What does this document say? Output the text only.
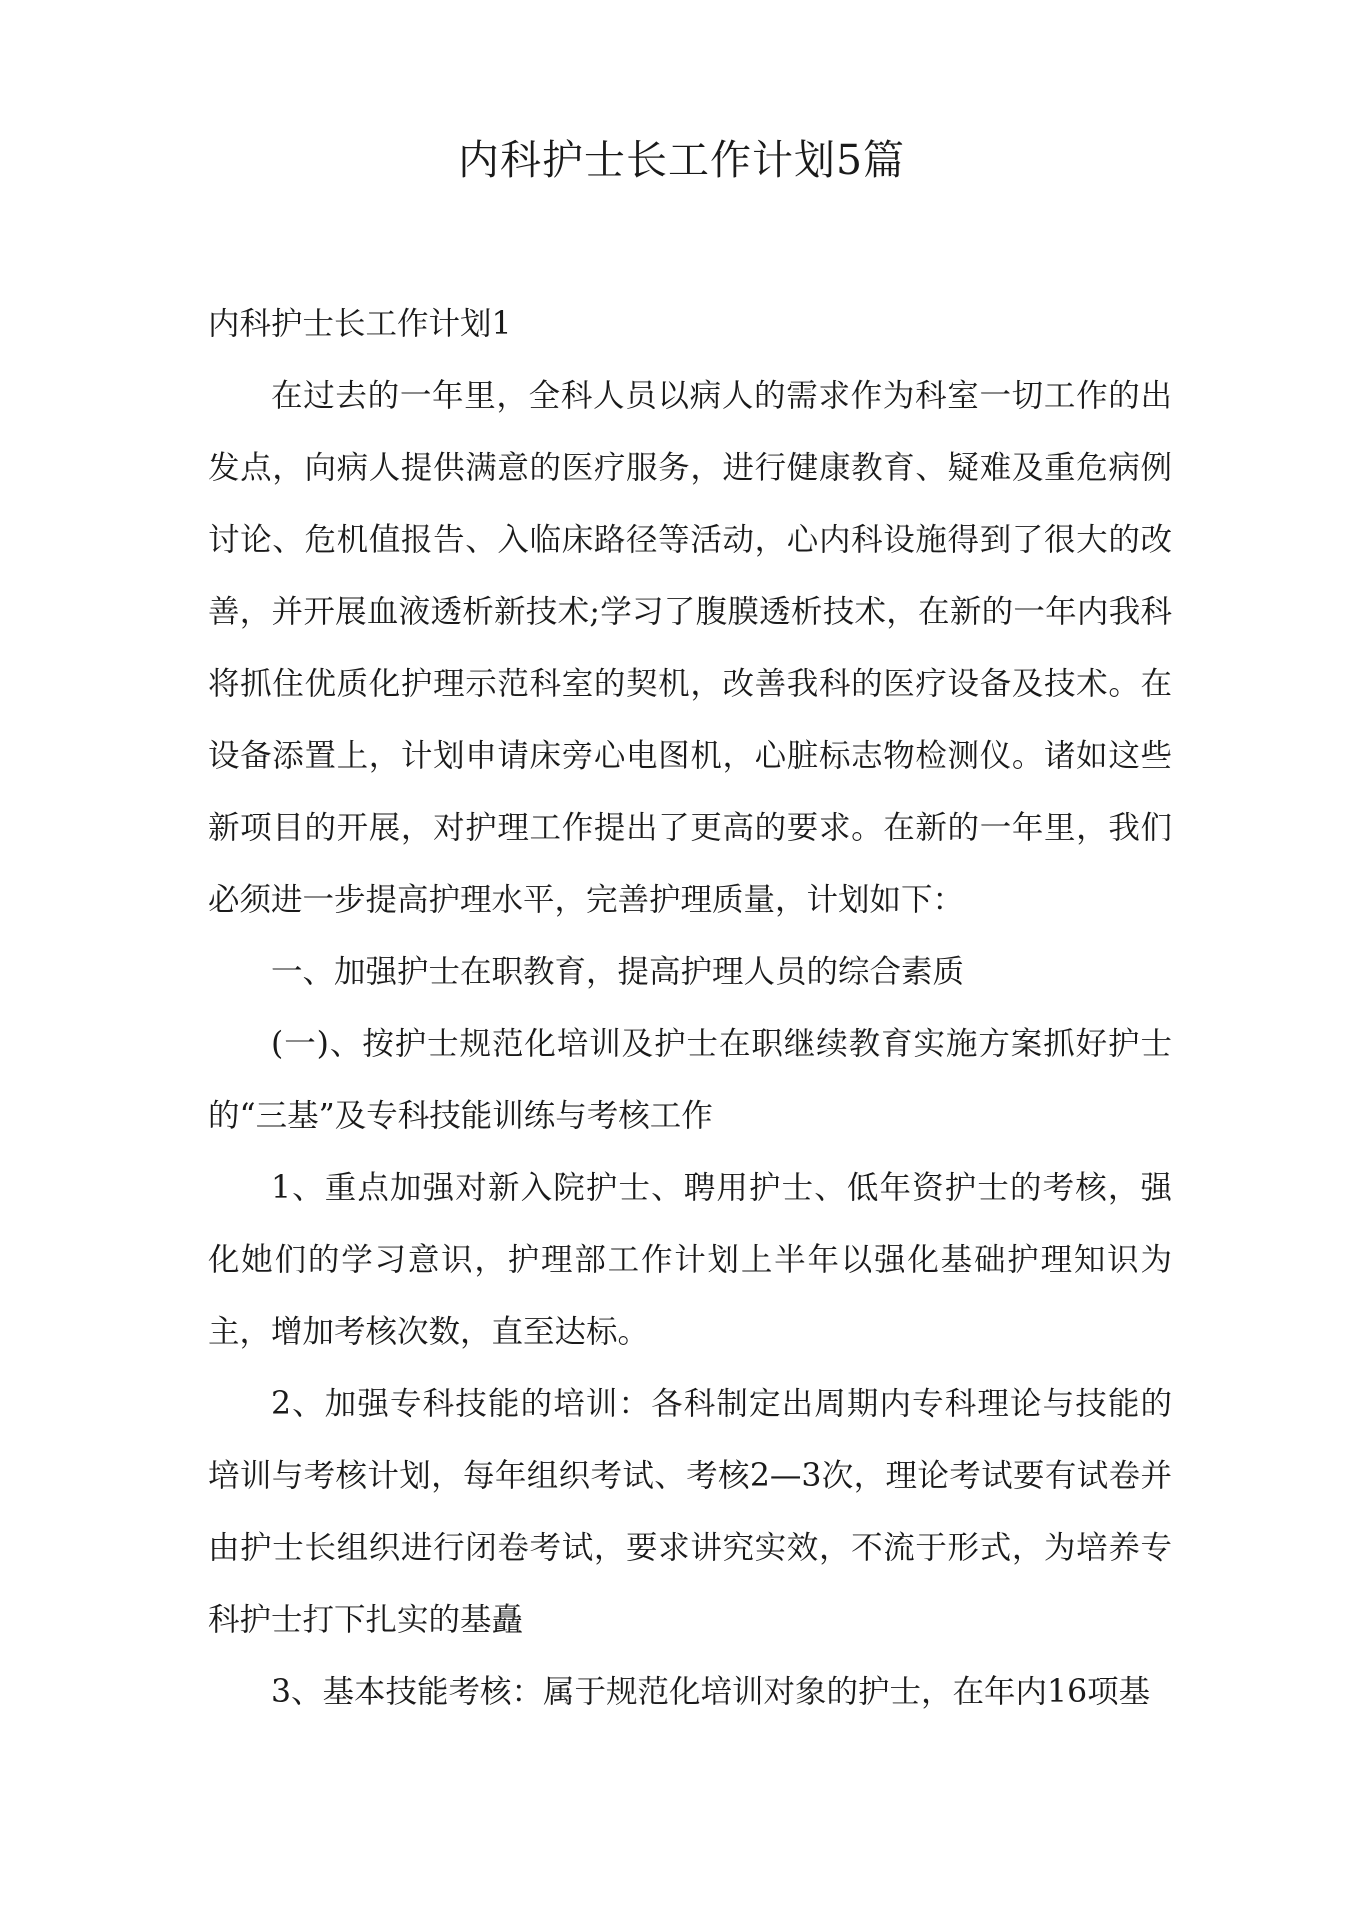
内科护士长工作计划5篇

内科护士长工作计划1

在过去的一年里，全科人员以病人的需求作为科室一切工作的出发点，向病人提供满意的医疗服务，进行健康教育、疑难及重危病例讨论、危机值报告、入临床路径等活动，心内科设施得到了很大的改善，并开展血液透析新技术;学习了腹膜透析技术，在新的一年内我科将抓住优质化护理示范科室的契机，改善我科的医疗设备及技术。在设备添置上，计划申请床旁心电图机，心脏标志物检测仪。诸如这些新项目的开展，对护理工作提出了更高的要求。在新的一年里，我们必须进一步提高护理水平，完善护理质量，计划如下：

一、加强护士在职教育，提高护理人员的综合素质

(一)、按护士规范化培训及护士在职继续教育实施方案抓好护士的“三基”及专科技能训练与考核工作

1、重点加强对新入院护士、聘用护士、低年资护士的考核，强化她们的学习意识，护理部工作计划上半年以强化基础护理知识为主，增加考核次数，直至达标。

2、加强专科技能的培训：各科制定出周期内专科理论与技能的培训与考核计划，每年组织考试、考核2—3次，理论考试要有试卷并由护士长组织进行闭卷考试，要求讲究实效，不流于形式，为培养专科护士打下扎实的基矗

3、基本技能考核：属于规范化培训对象的护士，在年内16项基
